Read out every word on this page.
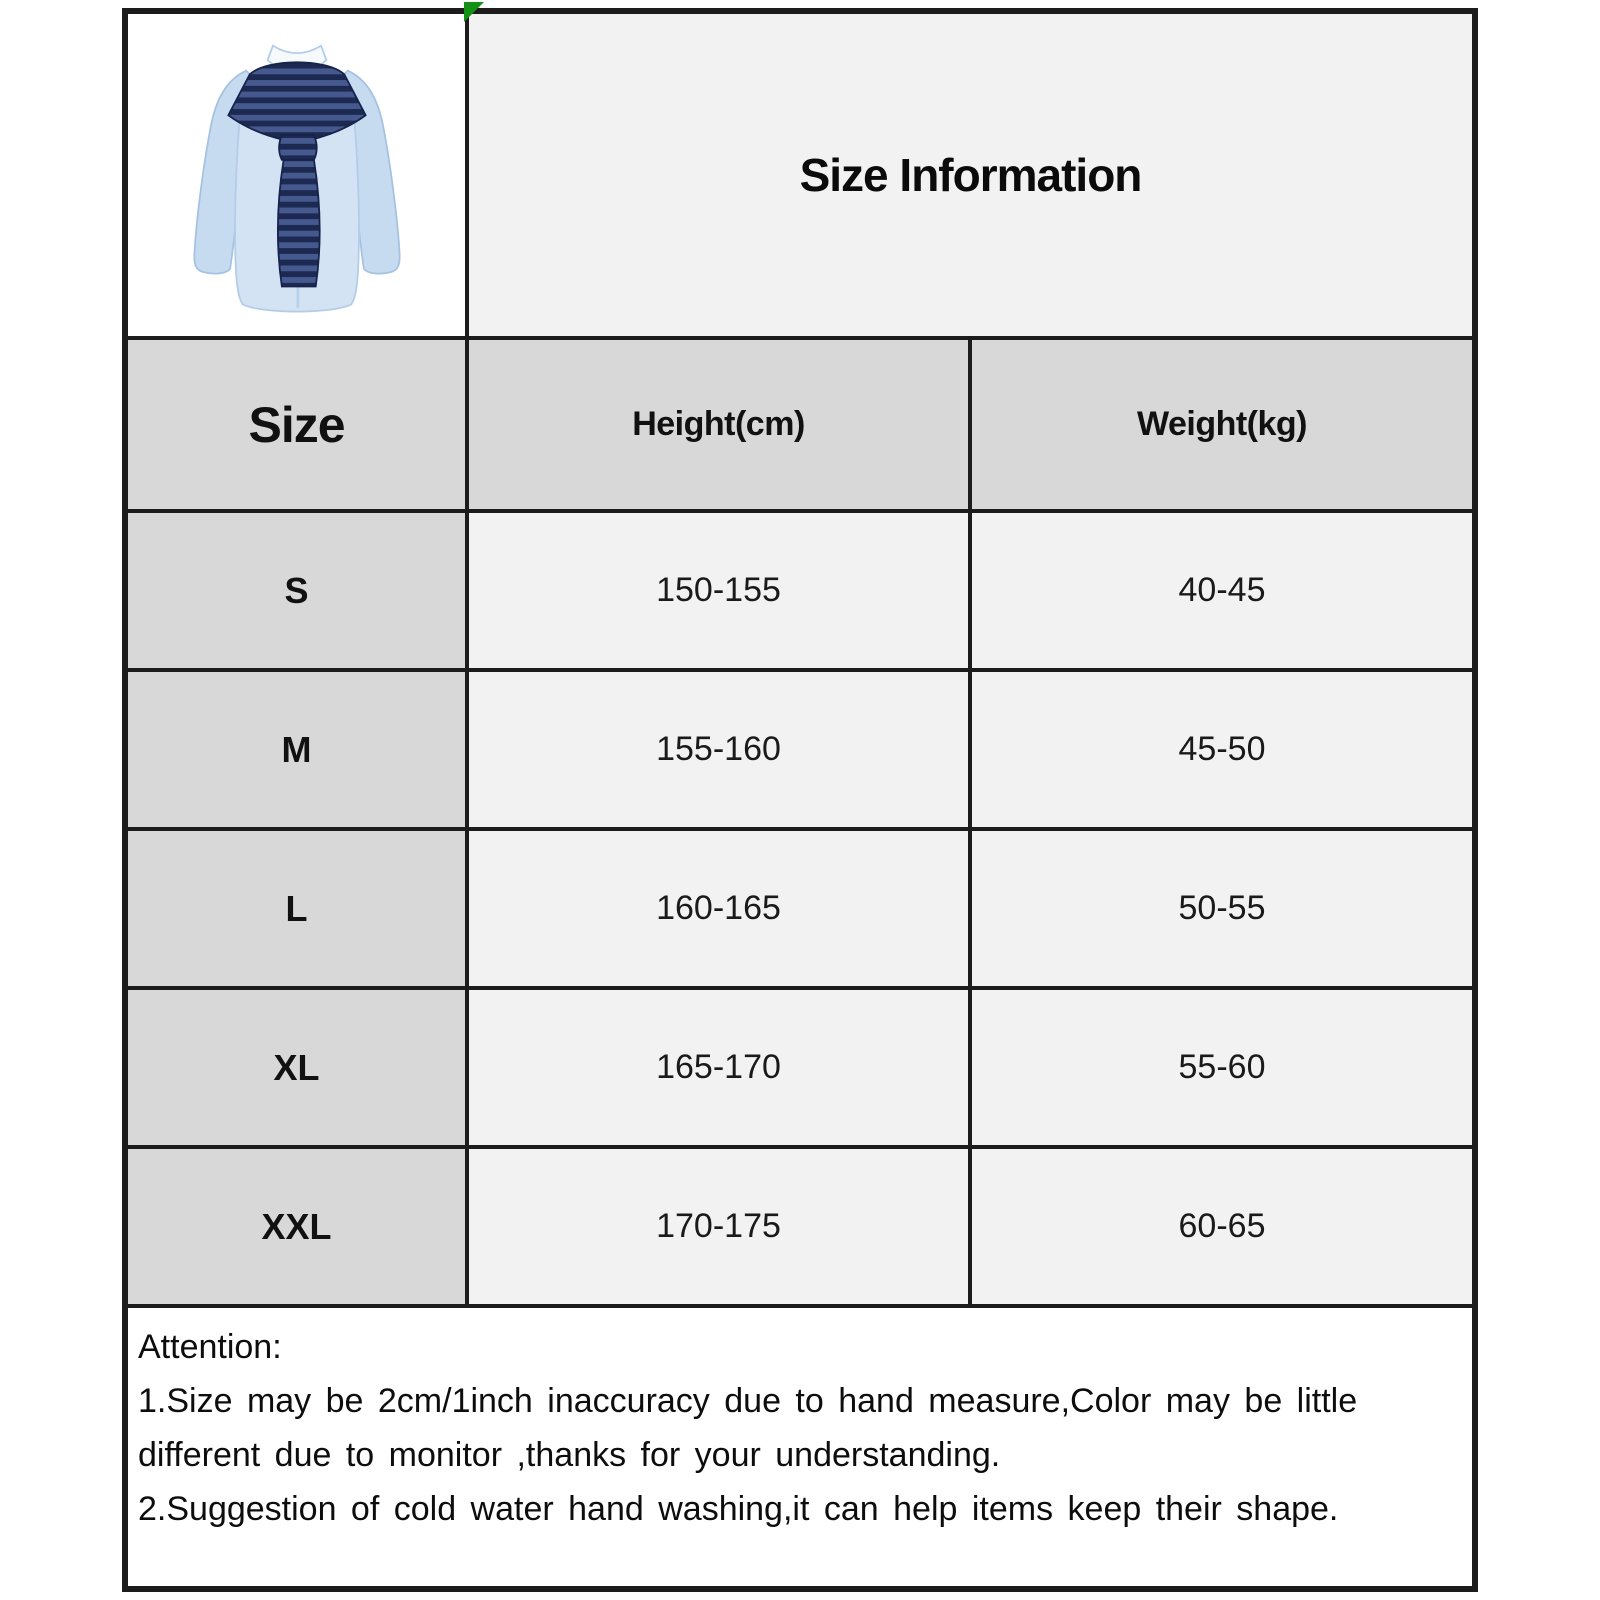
Size Information
Size	Height(cm)	Weight(kg)
S	150-155	40-45
M	155-160	45-50
L	160-165	50-55
XL	165-170	55-60
XXL	170-175	60-65
Attention:
1.Size may be 2cm/1inch inaccuracy due to hand measure,Color may be little
different due to monitor ,thanks for your understanding.
2.Suggestion of cold water hand washing,it can help items keep their shape.
